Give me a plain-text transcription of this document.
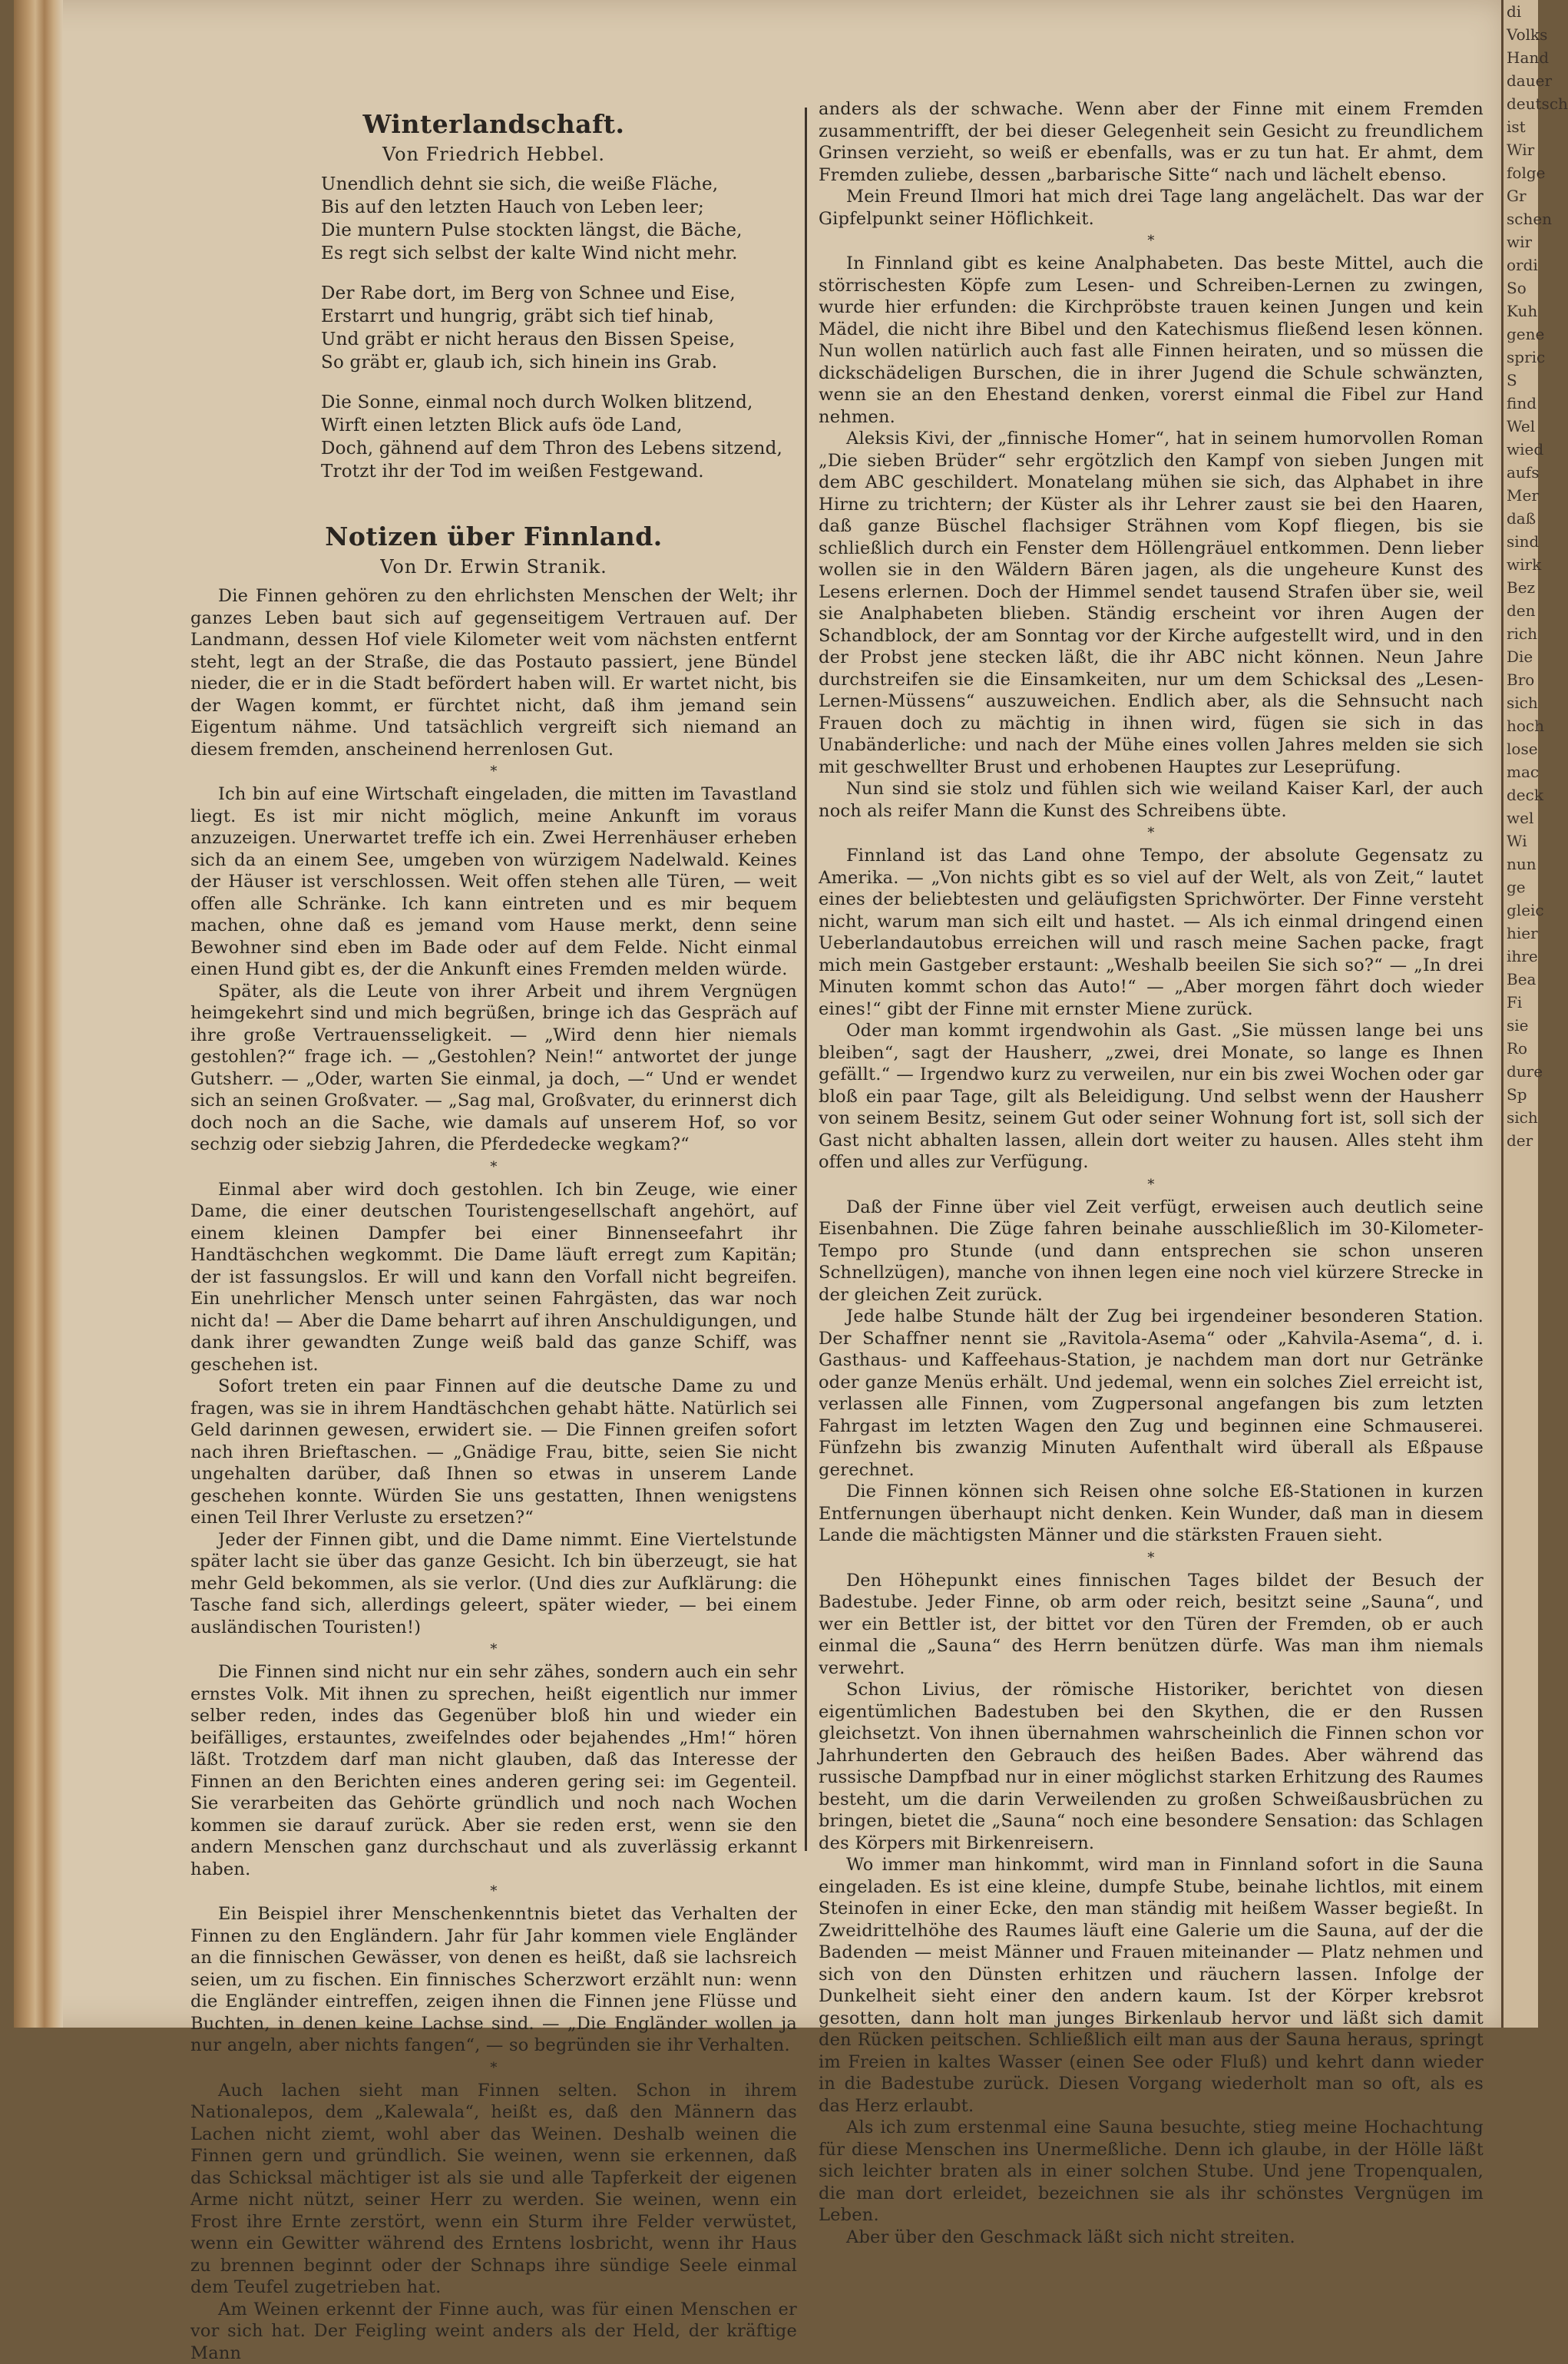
Winterlandschaft.
Von Friedrich Hebbel.
Unendlich dehnt sie sich, die weiße Fläche,
Bis auf den letzten Hauch von Leben leer;
Die muntern Pulse stockten längst, die Bäche,
Es regt sich selbst der kalte Wind nicht mehr.
Der Rabe dort, im Berg von Schnee und Eise,
Erstarrt und hungrig, gräbt sich tief hinab,
Und gräbt er nicht heraus den Bissen Speise,
So gräbt er, glaub ich, sich hinein ins Grab.
Die Sonne, einmal noch durch Wolken blitzend,
Wirft einen letzten Blick aufs öde Land,
Doch, gähnend auf dem Thron des Lebens sitzend,
Trotzt ihr der Tod im weißen Festgewand.
Notizen über Finnland.
Von Dr. Erwin Stranik.

Die Finnen gehören zu den ehrlichsten Menschen der Welt; ihr ganzes Leben baut sich auf gegenseitigem Vertrauen auf. Der Landmann, dessen Hof viele Kilometer weit vom nächsten entfernt steht, legt an der Straße, die das Postauto passiert, jene Bündel nieder, die er in die Stadt befördert haben will. Er wartet nicht, bis der Wagen kommt, er fürchtet nicht, daß ihm jemand sein Eigentum nähme. Und tatsächlich vergreift sich niemand an diesem fremden, anscheinend herrenlosen Gut.

*

Ich bin auf eine Wirtschaft eingeladen, die mitten im Tavastland liegt. Es ist mir nicht möglich, meine Ankunft im voraus anzuzeigen. Unerwartet treffe ich ein. Zwei Herrenhäuser erheben sich da an einem See, umgeben von würzigem Nadelwald. Keines der Häuser ist verschlossen. Weit offen stehen alle Türen, — weit offen alle Schränke. Ich kann eintreten und es mir bequem machen, ohne daß es jemand vom Hause merkt, denn seine Bewohner sind eben im Bade oder auf dem Felde. Nicht einmal einen Hund gibt es, der die Ankunft eines Fremden melden würde.

Später, als die Leute von ihrer Arbeit und ihrem Vergnügen heimgekehrt sind und mich begrüßen, bringe ich das Gespräch auf ihre große Vertrauensseligkeit. — „Wird denn hier niemals gestohlen?“ frage ich. — „Gestohlen? Nein!“ antwortet der junge Gutsherr. — „Oder, warten Sie einmal, ja doch, —“ Und er wendet sich an seinen Großvater. — „Sag mal, Großvater, du erinnerst dich doch noch an die Sache, wie damals auf unserem Hof, so vor sechzig oder siebzig Jahren, die Pferdedecke wegkam?“

*

Einmal aber wird doch gestohlen. Ich bin Zeuge, wie einer Dame, die einer deutschen Touristengesellschaft angehört, auf einem kleinen Dampfer bei einer Binnenseefahrt ihr Handtäschchen wegkommt. Die Dame läuft erregt zum Kapitän; der ist fassungslos. Er will und kann den Vorfall nicht begreifen. Ein unehrlicher Mensch unter seinen Fahrgästen, das war noch nicht da! — Aber die Dame beharrt auf ihren Anschuldigungen, und dank ihrer gewandten Zunge weiß bald das ganze Schiff, was geschehen ist.

Sofort treten ein paar Finnen auf die deutsche Dame zu und fragen, was sie in ihrem Handtäschchen gehabt hätte. Natürlich sei Geld darinnen gewesen, erwidert sie. — Die Finnen greifen sofort nach ihren Brieftaschen. — „Gnädige Frau, bitte, seien Sie nicht ungehalten darüber, daß Ihnen so etwas in unserem Lande geschehen konnte. Würden Sie uns gestatten, Ihnen wenigstens einen Teil Ihrer Verluste zu ersetzen?“

Jeder der Finnen gibt, und die Dame nimmt. Eine Viertelstunde später lacht sie über das ganze Gesicht. Ich bin überzeugt, sie hat mehr Geld bekommen, als sie verlor. (Und dies zur Aufklärung: die Tasche fand sich, allerdings geleert, später wieder, — bei einem ausländischen Touristen!)

*

Die Finnen sind nicht nur ein sehr zähes, sondern auch ein sehr ernstes Volk. Mit ihnen zu sprechen, heißt eigentlich nur immer selber reden, indes das Gegenüber bloß hin und wieder ein beifälliges, erstauntes, zweifelndes oder bejahendes „Hm!“ hören läßt. Trotzdem darf man nicht glauben, daß das Interesse der Finnen an den Berichten eines anderen gering sei: im Gegenteil. Sie verarbeiten das Gehörte gründlich und noch nach Wochen kommen sie darauf zurück. Aber sie reden erst, wenn sie den andern Menschen ganz durchschaut und als zuverlässig erkannt haben.

*

Ein Beispiel ihrer Menschenkenntnis bietet das Verhalten der Finnen zu den Engländern. Jahr für Jahr kommen viele Engländer an die finnischen Gewässer, von denen es heißt, daß sie lachsreich seien, um zu fischen. Ein finnisches Scherzwort erzählt nun: wenn die Engländer eintreffen, zeigen ihnen die Finnen jene Flüsse und Buchten, in denen keine Lachse sind. — „Die Engländer wollen ja nur angeln, aber nichts fangen“, — so begründen sie ihr Verhalten.

*

Auch lachen sieht man Finnen selten. Schon in ihrem Nationalepos, dem „Kalewala“, heißt es, daß den Männern das Lachen nicht ziemt, wohl aber das Weinen. Deshalb weinen die Finnen gern und gründlich. Sie weinen, wenn sie erkennen, daß das Schicksal mächtiger ist als sie und alle Tapferkeit der eigenen Arme nicht nützt, seiner Herr zu werden. Sie weinen, wenn ein Frost ihre Ernte zerstört, wenn ein Sturm ihre Felder verwüstet, wenn ein Gewitter während des Erntens losbricht, wenn ihr Haus zu brennen beginnt oder der Schnaps ihre sündige Seele einmal dem Teufel zugetrieben hat.

Am Weinen erkennt der Finne auch, was für einen Menschen er vor sich hat. Der Feigling weint anders als der Held, der kräftige Mann

anders als der schwache. Wenn aber der Finne mit einem Fremden zusammentrifft, der bei dieser Gelegenheit sein Gesicht zu freundlichem Grinsen verzieht, so weiß er ebenfalls, was er zu tun hat. Er ahmt, dem Fremden zuliebe, dessen „barbarische Sitte“ nach und lächelt ebenso.

Mein Freund Ilmori hat mich drei Tage lang angelächelt. Das war der Gipfelpunkt seiner Höflichkeit.

*

In Finnland gibt es keine Analphabeten. Das beste Mittel, auch die störrischesten Köpfe zum Lesen- und Schreiben-Lernen zu zwingen, wurde hier erfunden: die Kirchpröbste trauen keinen Jungen und kein Mädel, die nicht ihre Bibel und den Katechismus fließend lesen können. Nun wollen natürlich auch fast alle Finnen heiraten, und so müssen die dickschädeligen Burschen, die in ihrer Jugend die Schule schwänzten, wenn sie an den Ehestand denken, vorerst einmal die Fibel zur Hand nehmen.

Aleksis Kivi, der „finnische Homer“, hat in seinem humorvollen Roman „Die sieben Brüder“ sehr ergötzlich den Kampf von sieben Jungen mit dem ABC geschildert. Monatelang mühen sie sich, das Alphabet in ihre Hirne zu trichtern; der Küster als ihr Lehrer zaust sie bei den Haaren, daß ganze Büschel flachsiger Strähnen vom Kopf fliegen, bis sie schließlich durch ein Fenster dem Höllengräuel entkommen. Denn lieber wollen sie in den Wäldern Bären jagen, als die ungeheure Kunst des Lesens erlernen. Doch der Himmel sendet tausend Strafen über sie, weil sie Analphabeten blieben. Ständig erscheint vor ihren Augen der Schandblock, der am Sonntag vor der Kirche aufgestellt wird, und in den der Probst jene stecken läßt, die ihr ABC nicht können. Neun Jahre durchstreifen sie die Einsamkeiten, nur um dem Schicksal des „Lesen-Lernen-Müssens“ auszuweichen. Endlich aber, als die Sehnsucht nach Frauen doch zu mächtig in ihnen wird, fügen sie sich in das Unabänderliche: und nach der Mühe eines vollen Jahres melden sie sich mit geschwellter Brust und erhobenen Hauptes zur Leseprüfung.

Nun sind sie stolz und fühlen sich wie weiland Kaiser Karl, der auch noch als reifer Mann die Kunst des Schreibens übte.

*

Finnland ist das Land ohne Tempo, der absolute Gegensatz zu Amerika. — „Von nichts gibt es so viel auf der Welt, als von Zeit,“ lautet eines der beliebtesten und geläufigsten Sprichwörter. Der Finne versteht nicht, warum man sich eilt und hastet. — Als ich einmal dringend einen Ueberlandautobus erreichen will und rasch meine Sachen packe, fragt mich mein Gastgeber erstaunt: „Weshalb beeilen Sie sich so?“ — „In drei Minuten kommt schon das Auto!“ — „Aber morgen fährt doch wieder eines!“ gibt der Finne mit ernster Miene zurück.

Oder man kommt irgendwohin als Gast. „Sie müssen lange bei uns bleiben“, sagt der Hausherr, „zwei, drei Monate, so lange es Ihnen gefällt.“ — Irgendwo kurz zu verweilen, nur ein bis zwei Wochen oder gar bloß ein paar Tage, gilt als Beleidigung. Und selbst wenn der Hausherr von seinem Besitz, seinem Gut oder seiner Wohnung fort ist, soll sich der Gast nicht abhalten lassen, allein dort weiter zu hausen. Alles steht ihm offen und alles zur Verfügung.

*

Daß der Finne über viel Zeit verfügt, erweisen auch deutlich seine Eisenbahnen. Die Züge fahren beinahe ausschließlich im 30-Kilometer-Tempo pro Stunde (und dann entsprechen sie schon unseren Schnellzügen), manche von ihnen legen eine noch viel kürzere Strecke in der gleichen Zeit zurück.

Jede halbe Stunde hält der Zug bei irgendeiner besonderen Station. Der Schaffner nennt sie „Ravitola-Asema“ oder „Kahvila-Asema“, d. i. Gasthaus- und Kaffeehaus-Station, je nachdem man dort nur Getränke oder ganze Menüs erhält. Und jedemal, wenn ein solches Ziel erreicht ist, verlassen alle Finnen, vom Zugpersonal angefangen bis zum letzten Fahrgast im letzten Wagen den Zug und beginnen eine Schmauserei. Fünfzehn bis zwanzig Minuten Aufenthalt wird überall als Eßpause gerechnet.

Die Finnen können sich Reisen ohne solche Eß-Stationen in kurzen Entfernungen überhaupt nicht denken. Kein Wunder, daß man in diesem Lande die mächtigsten Männer und die stärksten Frauen sieht.

*

Den Höhepunkt eines finnischen Tages bildet der Besuch der Badestube. Jeder Finne, ob arm oder reich, besitzt seine „Sauna“, und wer ein Bettler ist, der bittet vor den Türen der Fremden, ob er auch einmal die „Sauna“ des Herrn benützen dürfe. Was man ihm niemals verwehrt.

Schon Livius, der römische Historiker, berichtet von diesen eigentümlichen Badestuben bei den Skythen, die er den Russen gleichsetzt. Von ihnen übernahmen wahrscheinlich die Finnen schon vor Jahrhunderten den Gebrauch des heißen Bades. Aber während das russische Dampfbad nur in einer möglichst starken Erhitzung des Raumes besteht, um die darin Verweilenden zu großen Schweißausbrüchen zu bringen, bietet die „Sauna“ noch eine besondere Sensation: das Schlagen des Körpers mit Birkenreisern.

Wo immer man hinkommt, wird man in Finnland sofort in die Sauna eingeladen. Es ist eine kleine, dumpfe Stube, beinahe lichtlos, mit einem Steinofen in einer Ecke, den man ständig mit heißem Wasser begießt. In Zweidrittelhöhe des Raumes läuft eine Galerie um die Sauna, auf der die Badenden — meist Männer und Frauen miteinander — Platz nehmen und sich von den Dünsten erhitzen und räuchern lassen. Infolge der Dunkelheit sieht einer den andern kaum. Ist der Körper krebsrot gesotten, dann holt man junges Birkenlaub hervor und läßt sich damit den Rücken peitschen. Schließlich eilt man aus der Sauna heraus, springt im Freien in kaltes Wasser (einen See oder Fluß) und kehrt dann wieder in die Badestube zurück. Diesen Vorgang wiederholt man so oft, als es das Herz erlaubt.

Als ich zum erstenmal eine Sauna besuchte, stieg meine Hochachtung für diese Menschen ins Unermeßliche. Denn ich glaube, in der Hölle läßt sich leichter braten als in einer solchen Stube. Und jene Tropenqualen, die man dort erleidet, bezeichnen sie als ihr schönstes Vergnügen im Leben.

Aber über den Geschmack läßt sich nicht streiten.

di
Volks
Hand
dauer
deutsch
ist
Wir
folge
Gr
schen
wir
ordi
So
Kuh
gene
spric
S
find
Wel
wied
aufs
Mer
daß
sind
wirk
Bez
den
rich
Die
Bro
sich
hoch
lose
mac
deck
wel
Wi
nun
ge
gleic
hier
ihre
Bea
Fi
sie
Ro
dure
Sp
sich
der
